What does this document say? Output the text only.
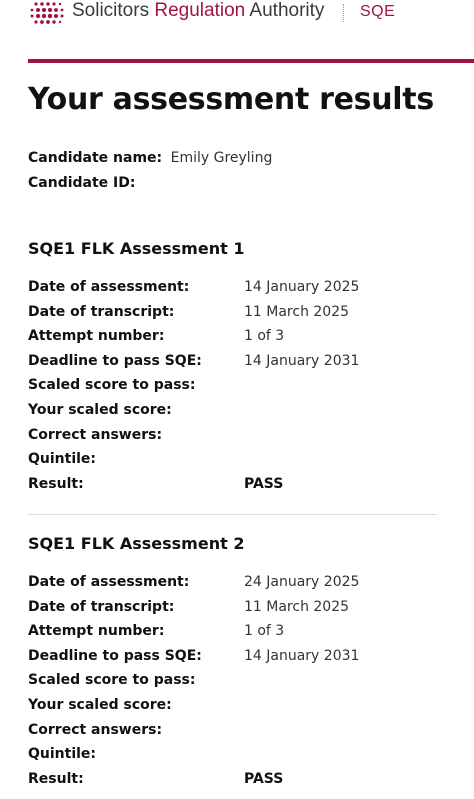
Solicitors Regulation Authority SQE
Your assessment results
Candidate name: Emily Greyling
Candidate ID:
SQE1 FLK Assessment 1
Date of assessment:	14 January 2025
Date of transcript:	11 March 2025
Attempt number:	1 of 3
Deadline to pass SQE:	14 January 2031
Scaled score to pass:
Your scaled score:
Correct answers:
Quintile:
Result:	PASS
SQE1 FLK Assessment 2
Date of assessment:	24 January 2025
Date of transcript:	11 March 2025
Attempt number:	1 of 3
Deadline to pass SQE:	14 January 2031
Scaled score to pass:
Your scaled score:
Correct answers:
Quintile:
Result:	PASS
